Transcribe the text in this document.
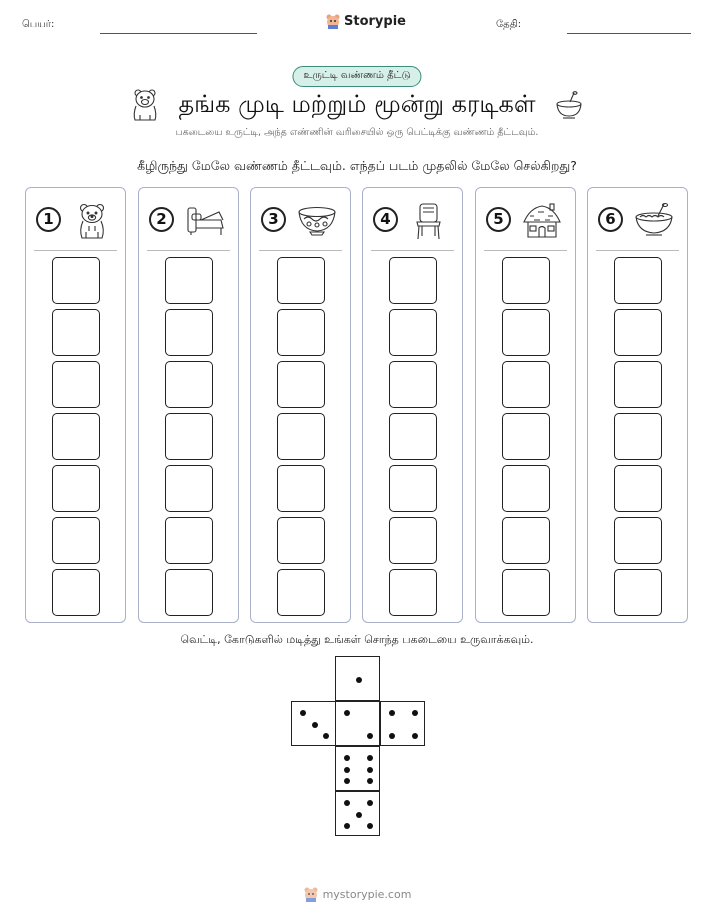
பெயர்:	Storypie	தேதி:
உருட்டி வண்ணம் தீட்டு
தங்க முடி மற்றும் மூன்று கரடிகள்
பகடையை உருட்டி, அந்த எண்ணின் வரிசையில் ஒரு பெட்டிக்கு வண்ணம் தீட்டவும்.
கீழிருந்து மேலே வண்ணம் தீட்டவும். எந்தப் படம் முதலில் மேலே செல்கிறது?
1	2	3	4	5	6
வெட்டி, கோடுகளில் மடித்து உங்கள் சொந்த பகடையை உருவாக்கவும்.
mystorypie.com
